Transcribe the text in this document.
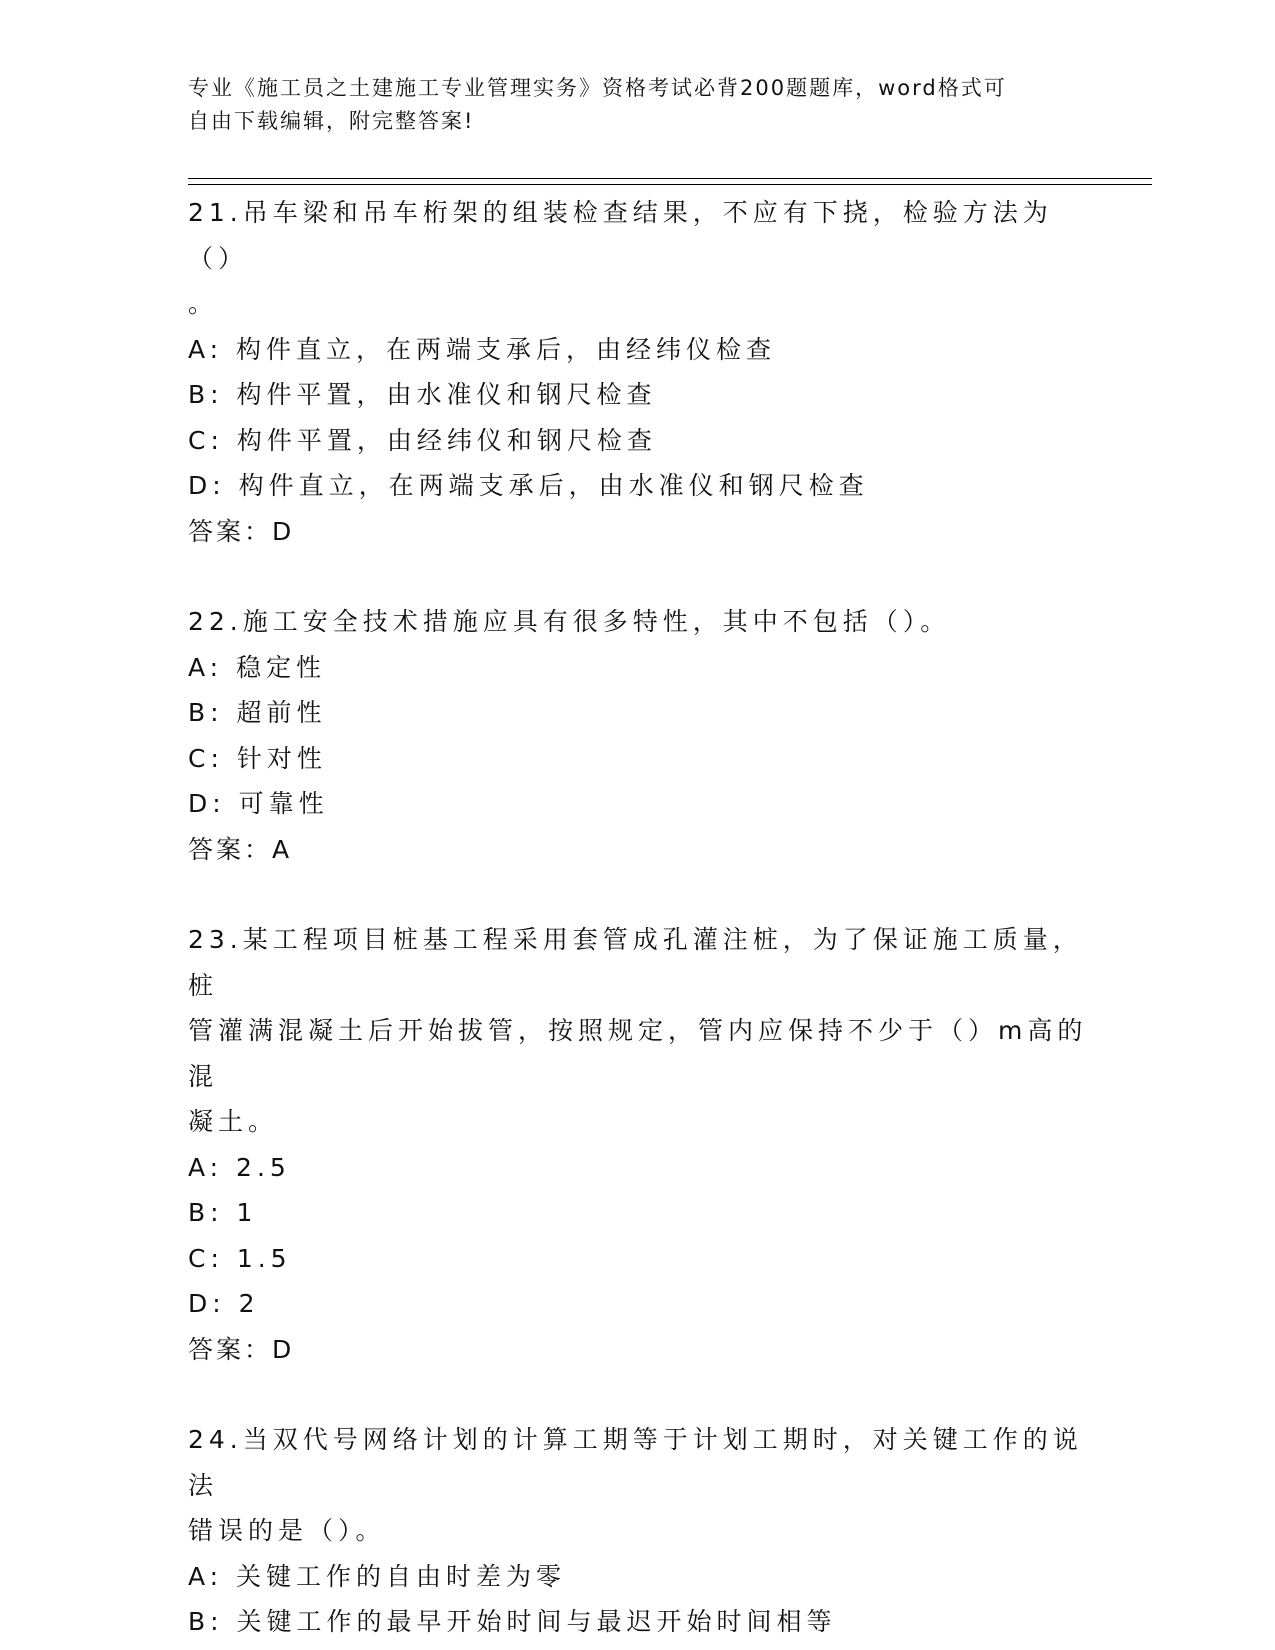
专业《施工员之土建施工专业管理实务》资格考试必背200题题库，word格式可
自由下载编辑，附完整答案!
21.吊车梁和吊车桁架的组装检查结果，不应有下挠，检验方法为（）
。
A: 构件直立，在两端支承后，由经纬仪检查
B: 构件平置，由水准仪和钢尺检查
C: 构件平置，由经纬仪和钢尺检查
D: 构件直立，在两端支承后，由水准仪和钢尺检查
答案：D
22.施工安全技术措施应具有很多特性，其中不包括（）。
A: 稳定性
B: 超前性
C: 针对性
D: 可靠性
答案：A
23.某工程项目桩基工程采用套管成孔灌注桩，为了保证施工质量，桩
管灌满混凝土后开始拔管，按照规定，管内应保持不少于（）m高的混
凝土。
A: 2.5
B: 1
C: 1.5
D: 2
答案：D
24.当双代号网络计划的计算工期等于计划工期时，对关键工作的说法
错误的是（）。
A: 关键工作的自由时差为零
B: 关键工作的最早开始时间与最迟开始时间相等
